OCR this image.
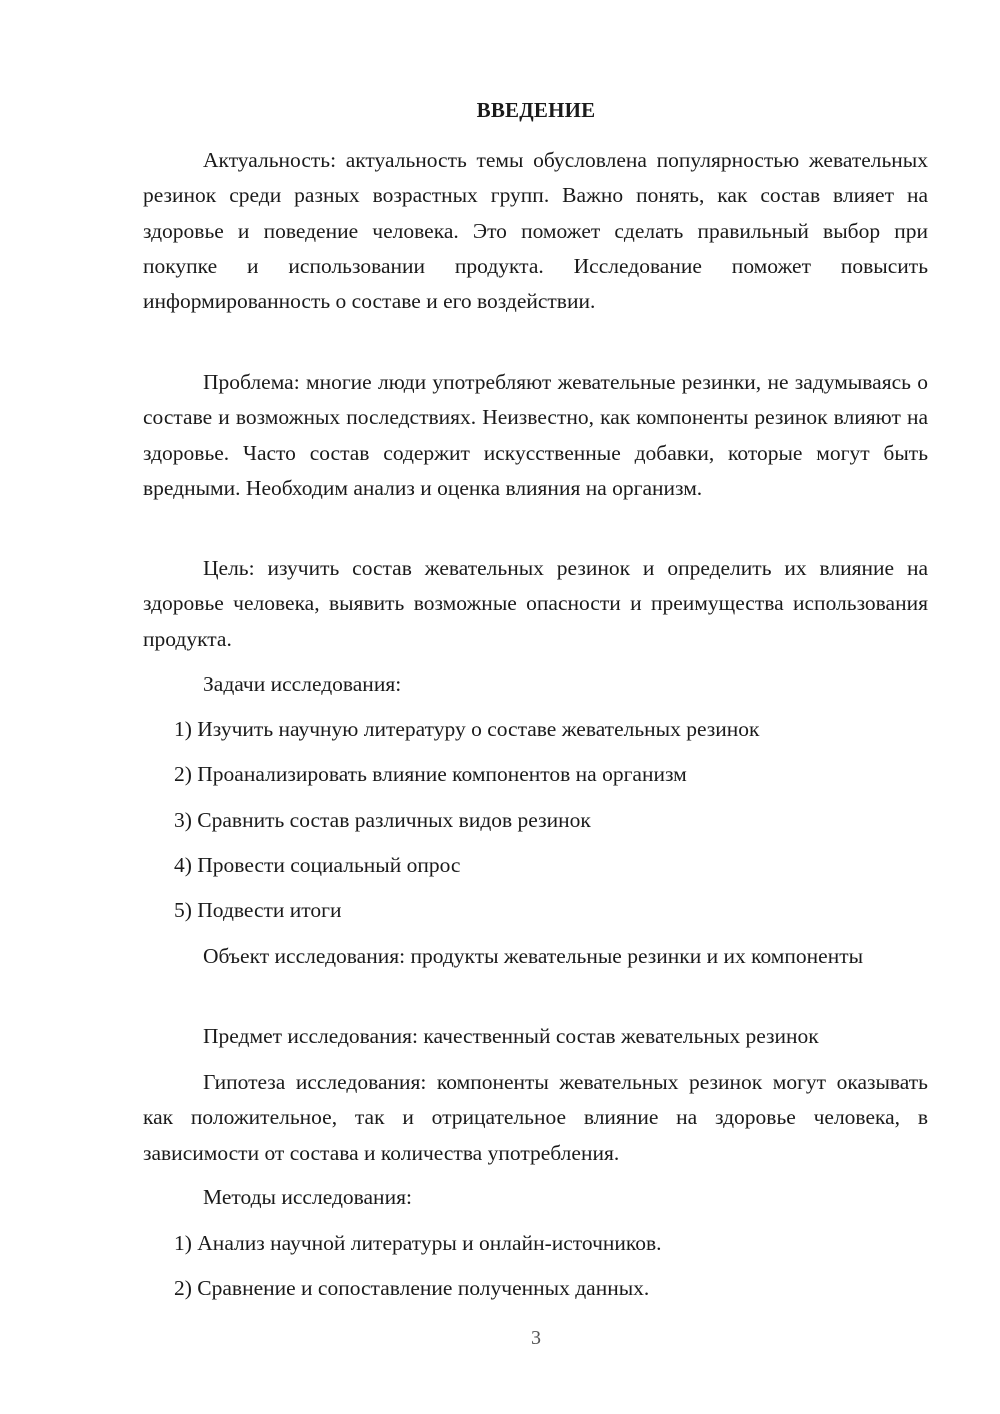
ВВЕДЕНИЕ

Актуальность: актуальность темы обусловлена популярностью жевательных резинок среди разных возрастных групп. Важно понять, как состав влияет на здоровье и поведение человека. Это поможет сделать правильный выбор при покупке и использовании продукта. Исследование поможет повысить информированность о составе и его воздействии.

Проблема: многие люди употребляют жевательные резинки, не задумываясь о составе и возможных последствиях. Неизвестно, как компоненты резинок влияют на здоровье. Часто состав содержит искусственные добавки, которые могут быть вредными. Необходим анализ и оценка влияния на организм.

Цель: изучить состав жевательных резинок и определить их влияние на здоровье человека, выявить возможные опасности и преимущества использования продукта.

Задачи исследования:
1) Изучить научную литературу о составе жевательных резинок
2) Проанализировать влияние компонентов на организм
3) Сравнить состав различных видов резинок
4) Провести социальный опрос
5) Подвести итоги

Объект исследования: продукты жевательные резинки и их компоненты

Предмет исследования: качественный состав жевательных резинок

Гипотеза исследования: компоненты жевательных резинок могут оказывать как положительное, так и отрицательное влияние на здоровье человека, в зависимости от состава и количества употребления.

Методы исследования:
1) Анализ научной литературы и онлайн-источников.
2) Сравнение и сопоставление полученных данных.
3
